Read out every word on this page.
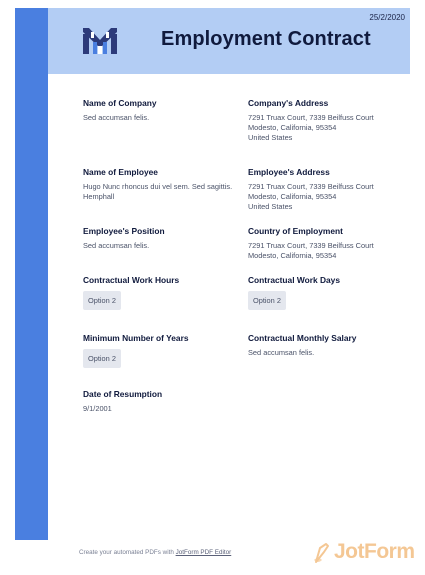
25/2/2020
Employment Contract
Name of Company
Sed accumsan felis.
Company's Address
7291 Truax Court, 7339 Beilfuss Court
Modesto, California, 95354
United States
Name of Employee
Hugo Nunc rhoncus dui vel sem. Sed sagittis.
Hemphall
Employee's Address
7291 Truax Court, 7339 Beilfuss Court
Modesto, California, 95354
United States
Employee's Position
Sed accumsan felis.
Country of Employment
7291 Truax Court, 7339 Beilfuss Court
Modesto, California, 95354
Contractual Work Hours
Option 2
Contractual Work Days
Option 2
Minimum Number of Years
Option 2
Contractual Monthly Salary
Sed accumsan felis.
Date of Resumption
9/1/2001
Create your automated PDFs with JotForm PDF Editor	JotForm
